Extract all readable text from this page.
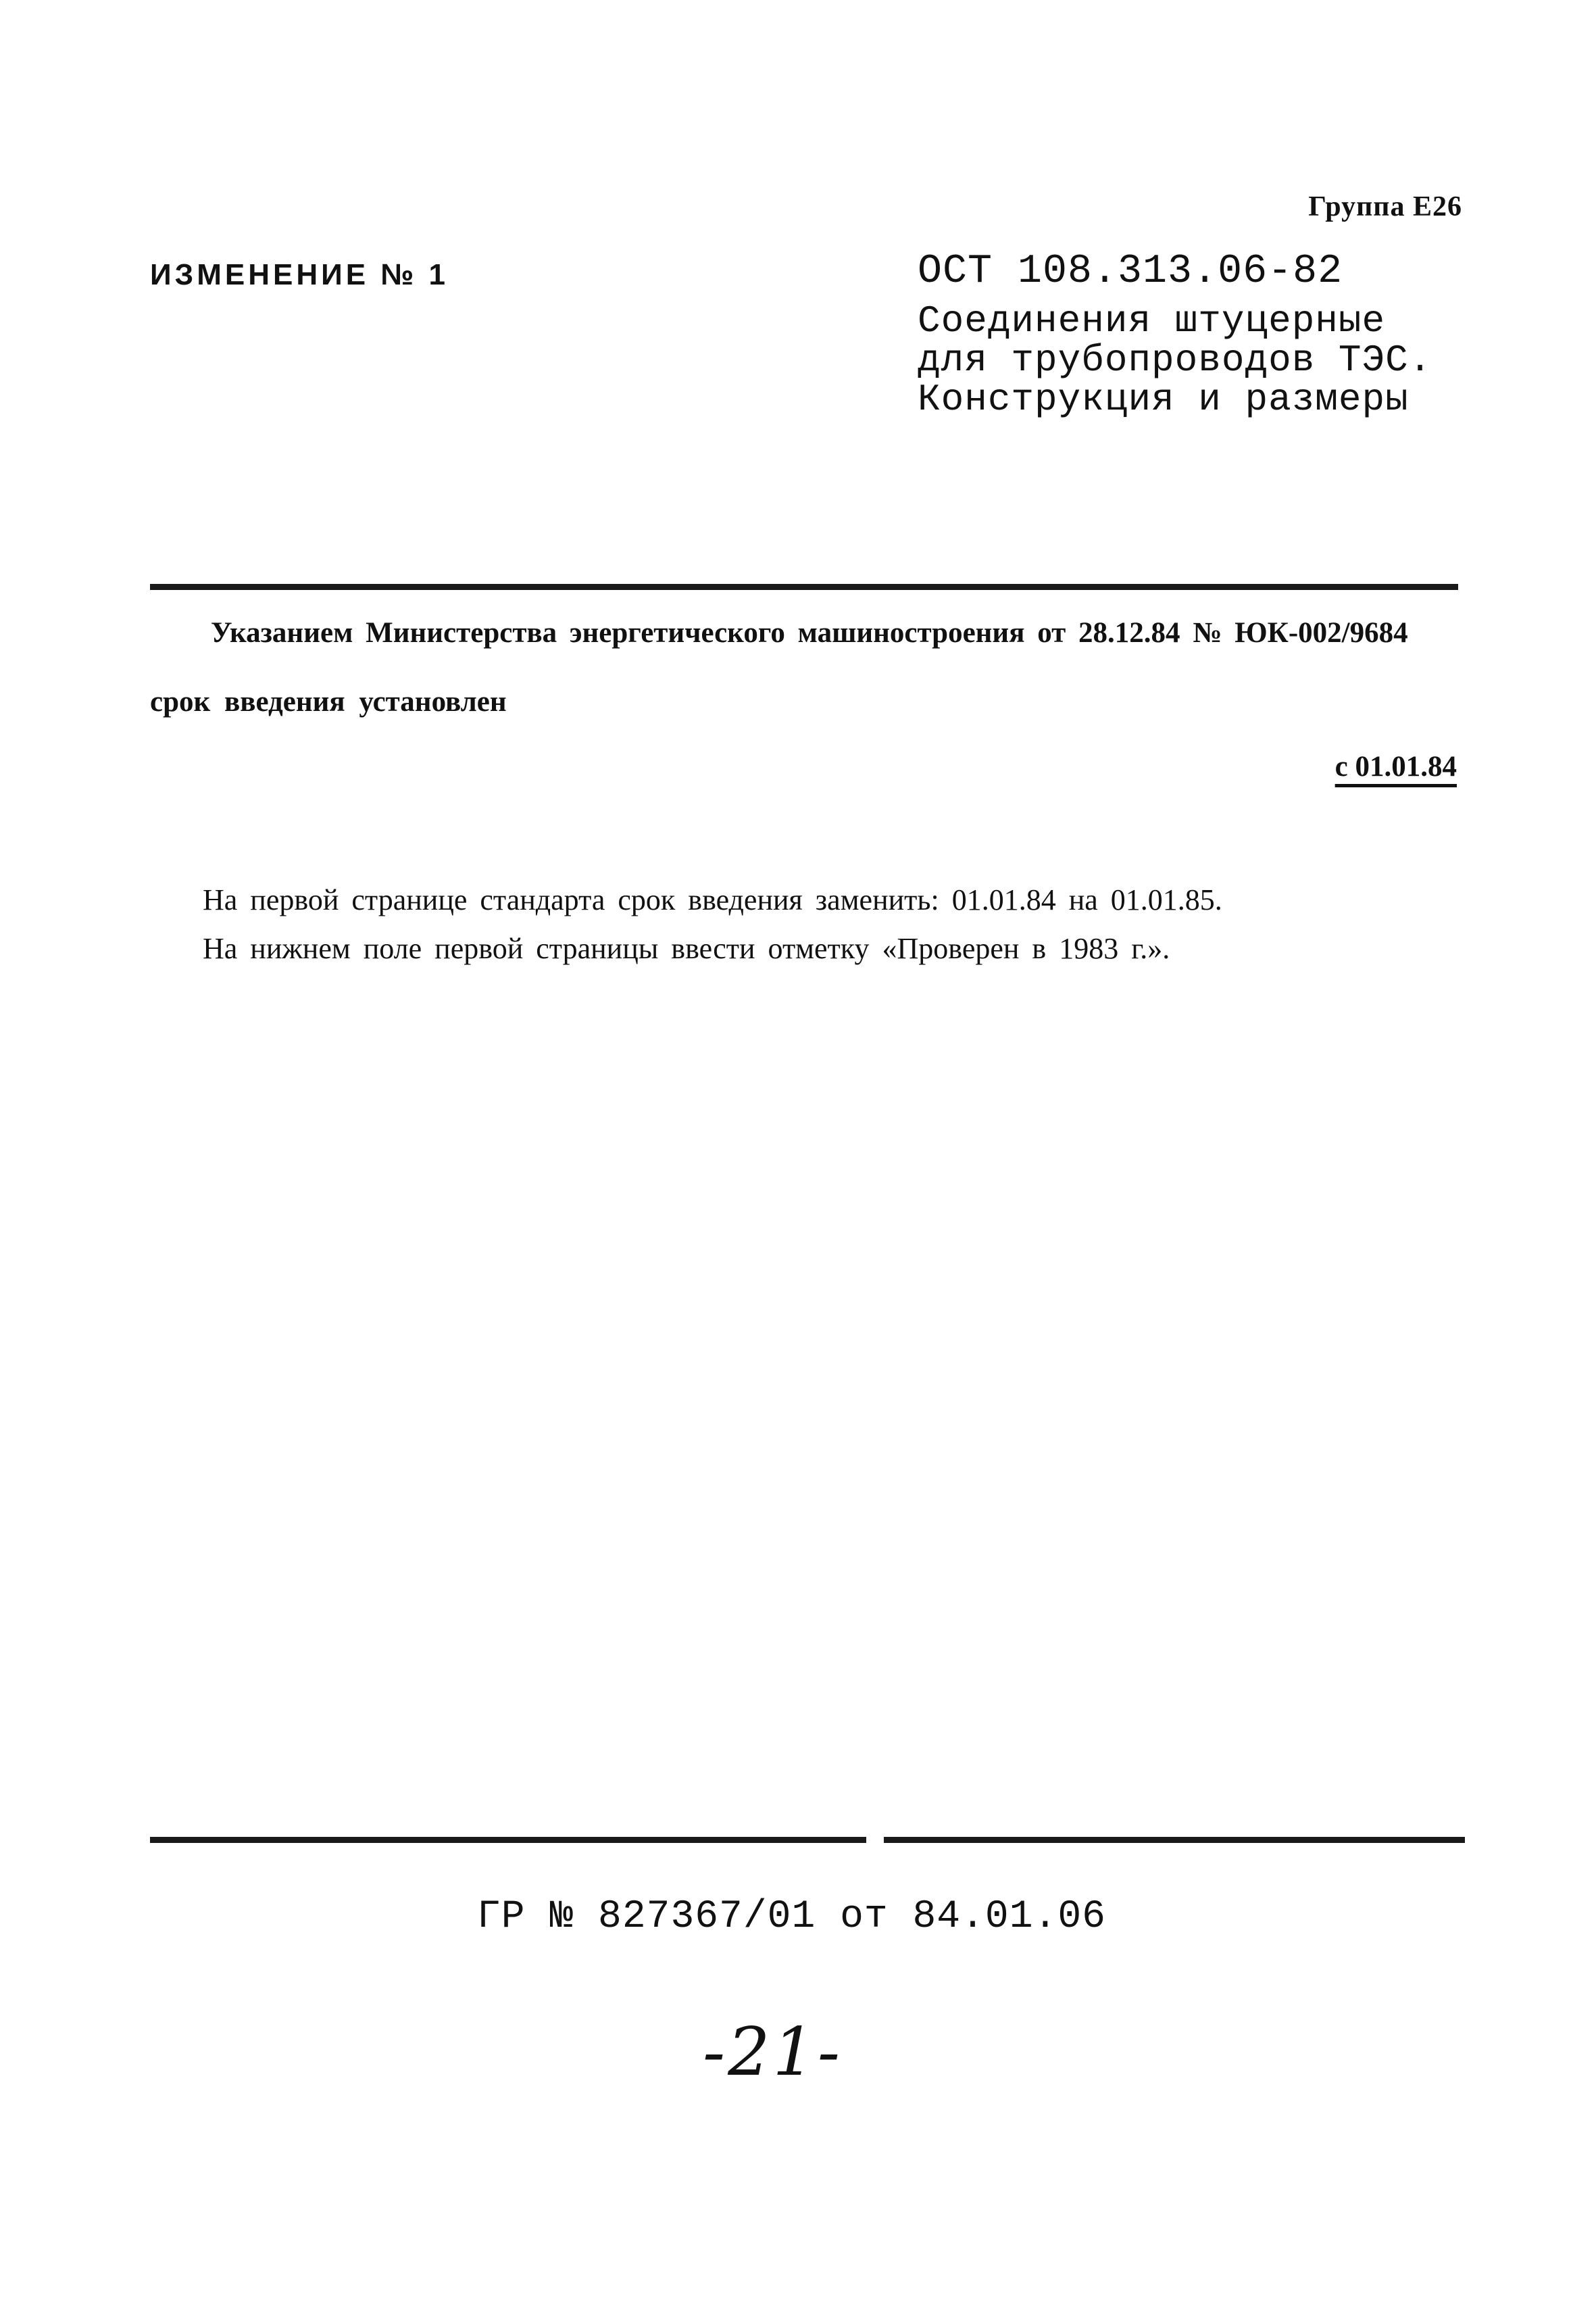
Группа Е26
ИЗМЕНЕНИЕ № 1	ОСТ 108.313.06-82
Соединения штуцерные
для трубопроводов ТЭС.
Конструкция и размеры
Указанием Министерства энергетического машиностроения от 28.12.84 № ЮК-002/9684
срок введения установлен
с 01.01.84
На первой странице стандарта срок введения заменить: 01.01.84 на 01.01.85.
На нижнем поле первой страницы ввести отметку «Проверен в 1983 г.».
ГР № 827367/01 от 84.01.06
-21-
